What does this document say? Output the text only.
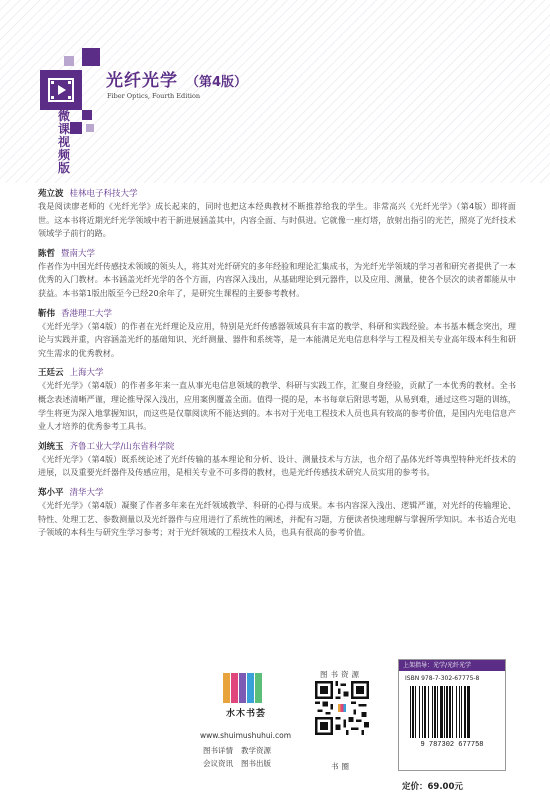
微课视频版
光纤光学 （第4版）
Fiber Optics, Fourth Edition
苑立波 桂林电子科技大学
我是阅读廖老师的《光纤光学》成长起来的，同时也把这本经典教材不断推荐给我的学生。非常高兴《光纤光学》（第4版）即将面世。这本书将近期光纤光学领域中若干新进展涵盖其中，内容全面、与时俱进。它就像一座灯塔，放射出指引的光芒，照亮了光纤技术领域学子前行的路。
陈哲 暨南大学
作者作为中国光纤传感技术领域的领头人，将其对光纤研究的多年经验和理论汇集成书，为光纤光学领域的学习者和研究者提供了一本优秀的入门教材。本书涵盖光纤光学的各个方面，内容深入浅出，从基础理论到元器件，以及应用、测量，使各个层次的读者都能从中获益。本书第1版出版至今已经20余年了，是研究生课程的主要参考教材。
靳伟 香港理工大学
《光纤光学》（第4版）的作者在光纤理论及应用，特别是光纤传感器领域具有丰富的教学、科研和实践经验。本书基本概念突出，理论与实践并重，内容涵盖光纤的基础知识、光纤测量、器件和系统等，是一本能满足光电信息科学与工程及相关专业高年级本科生和研究生需求的优秀教材。
王廷云 上海大学
《光纤光学》（第4版）的作者多年来一直从事光电信息领域的教学、科研与实践工作，汇聚自身经验，贡献了一本优秀的教材。全书概念表述清晰严谨，理论推导深入浅出，应用案例覆盖全面。值得一提的是，本书每章后附思考题，从易到难，通过这些习题的训练，学生将更为深入地掌握知识，而这些是仅靠阅读所不能达到的。本书对于光电工程技术人员也具有较高的参考价值，是国内光电信息产业人才培养的优秀参考工具书。
刘统玉 齐鲁工业大学/山东省科学院
《光纤光学》（第4版）既系统论述了光纤传输的基本理论和分析、设计、测量技术与方法，也介绍了晶体光纤等典型特种光纤技术的进展，以及重要光纤器件及传感应用，是相关专业不可多得的教材，也是光纤传感技术研究人员实用的参考书。
郑小平 清华大学
《光纤光学》（第4版）凝聚了作者多年来在光纤领域教学、科研的心得与成果。本书内容深入浅出、逻辑严谨，对光纤的传输理论、特性、处理工艺、参数测量以及光纤器件与应用进行了系统性的阐述，并配有习题，方便读者快速理解与掌握所学知识。本书适合光电子领域的本科生与研究生学习参考；对于光纤领域的工程技术人员，也具有很高的参考价值。
水木书荟
www.shuimushuhui.com
图书详情 教学资源
会议资讯 图书出版
图书资源
书圈
上架指导：光学/光纤光学
ISBN 978-7-302-67775-8
9 787302 677758
定价：69.00元
